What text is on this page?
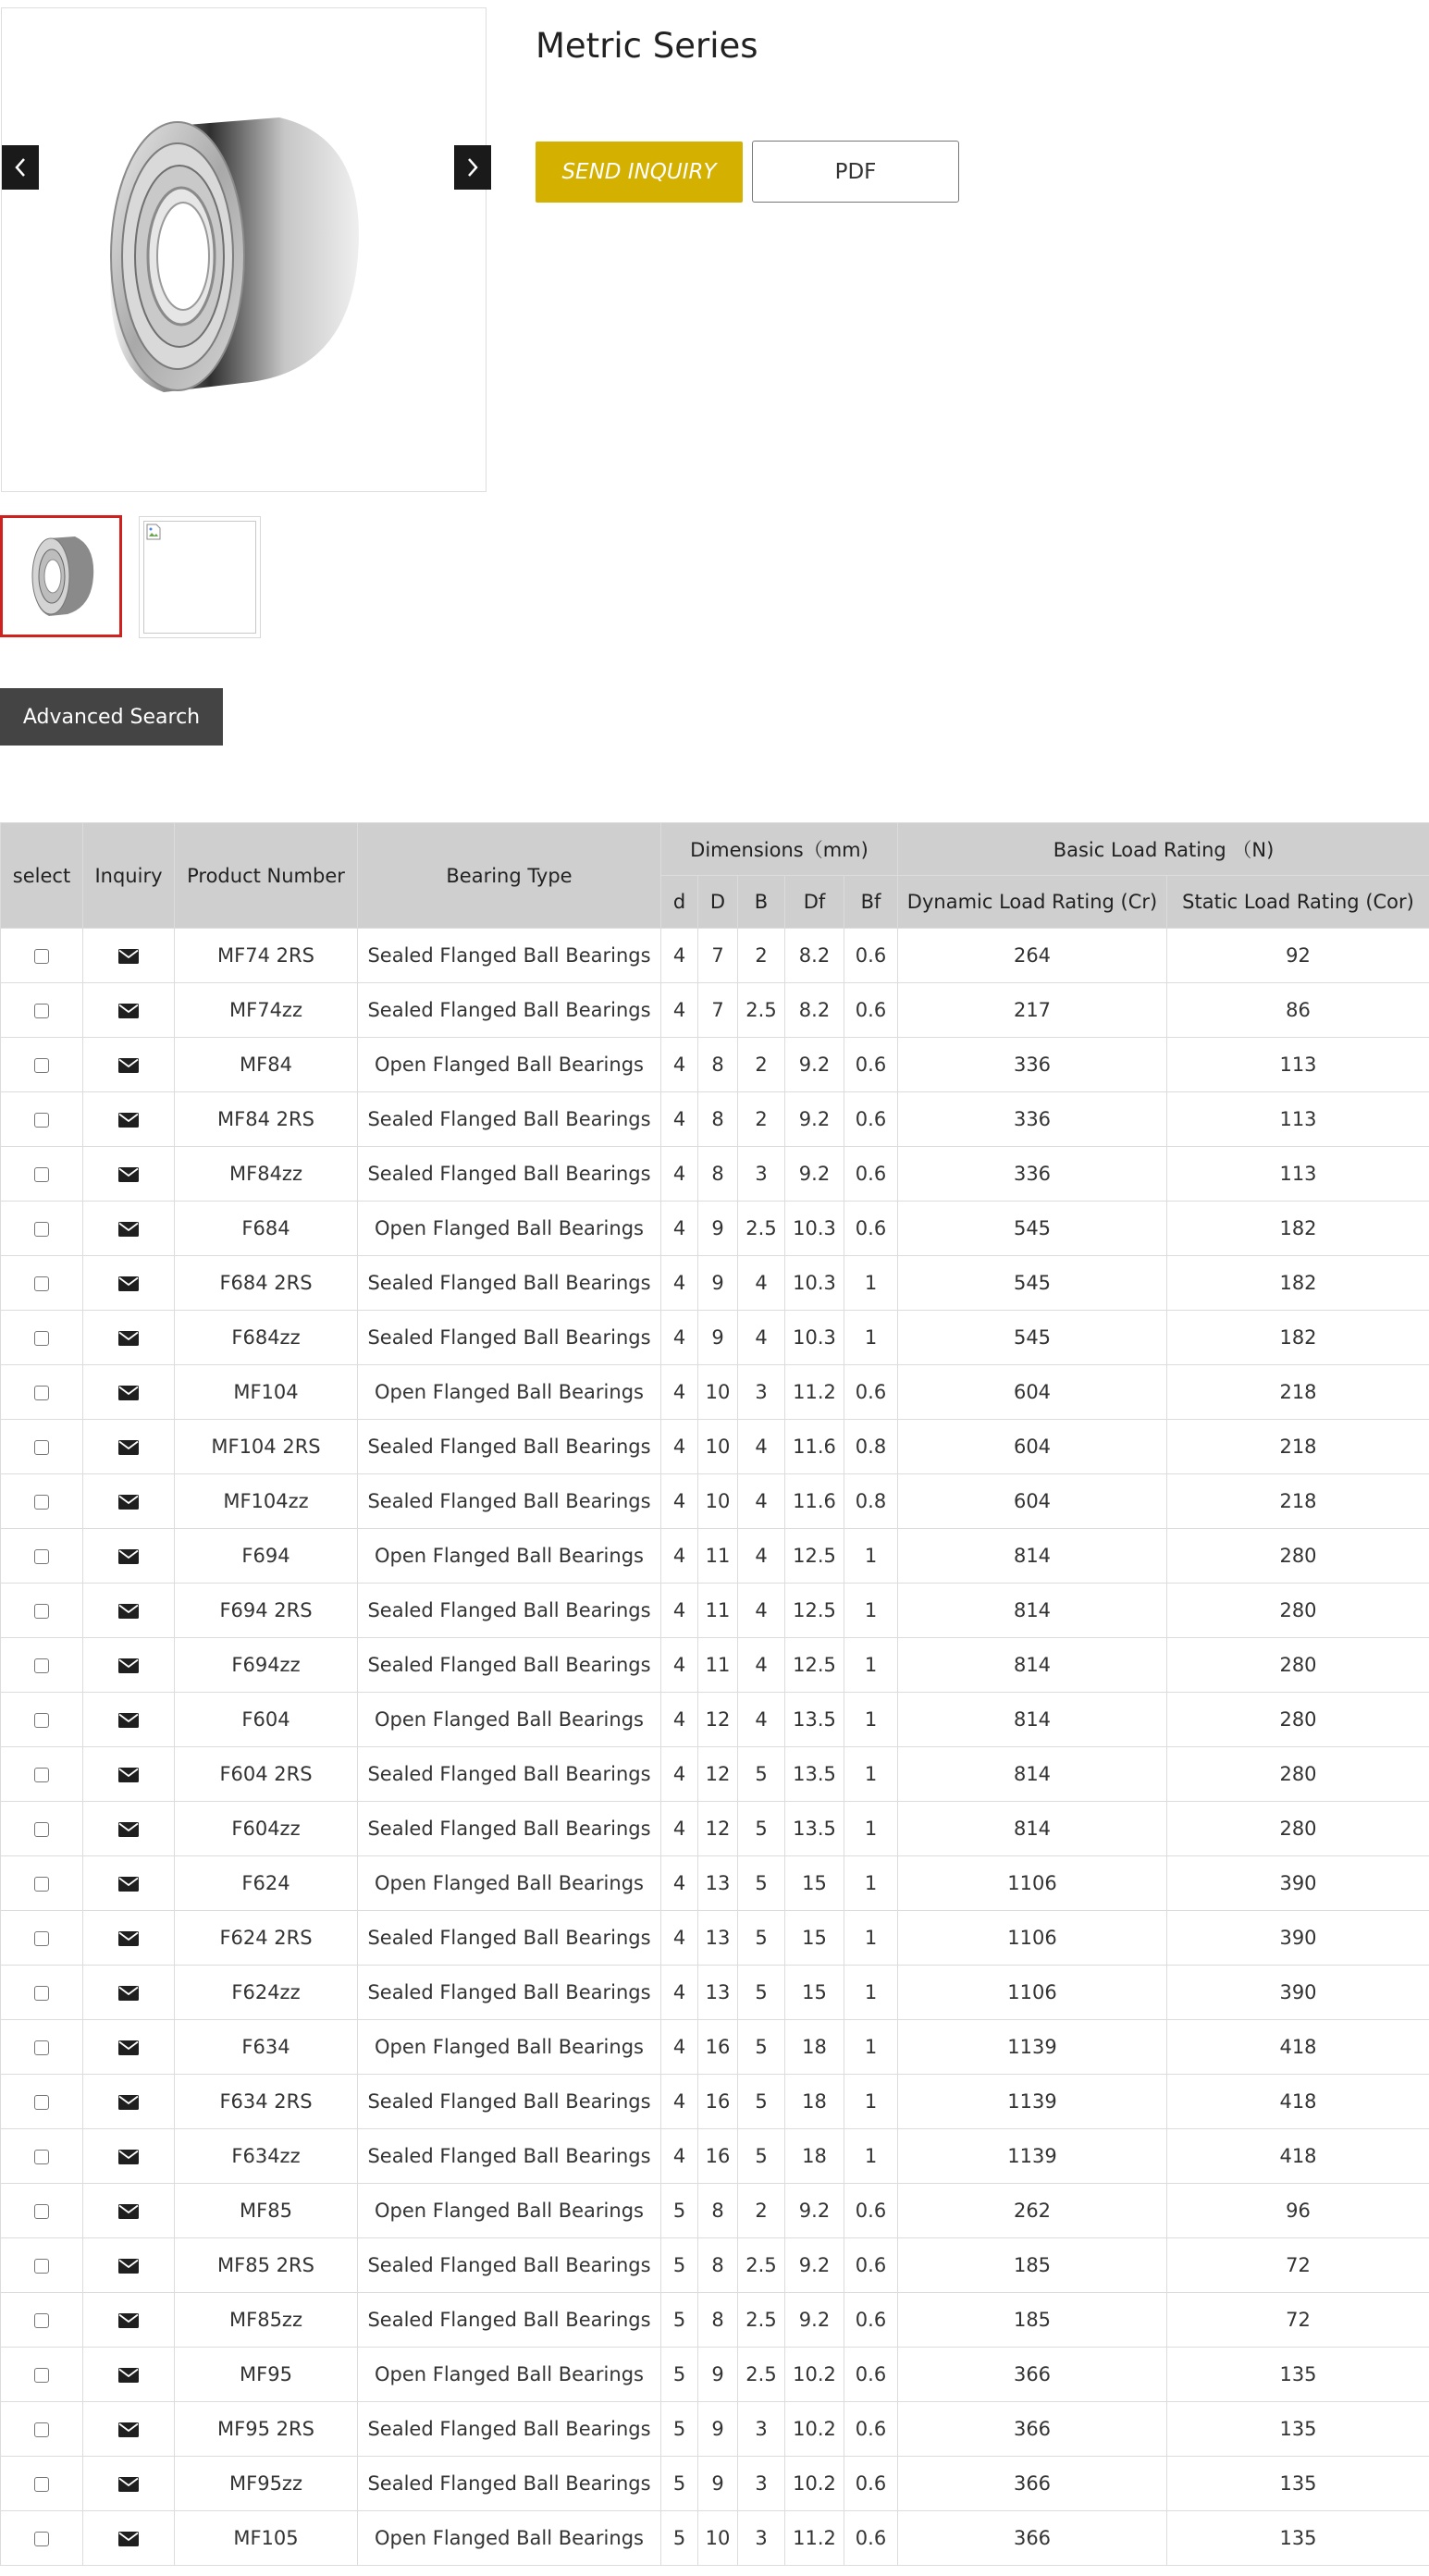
Metric Series
SEND INQUIRY	PDF
Advanced Search
select	Inquiry	Product Number	Bearing Type	Dimensions（mm)					Basic Load Rating （N)	
				d	D	B	Df	Bf	Dynamic Load Rating (Cr)	Static Load Rating (Cor)
		MF74 2RS	Sealed Flanged Ball Bearings	4	7	2	8.2	0.6	264	92
		MF74zz	Sealed Flanged Ball Bearings	4	7	2.5	8.2	0.6	217	86
		MF84	Open Flanged Ball Bearings	4	8	2	9.2	0.6	336	113
		MF84 2RS	Sealed Flanged Ball Bearings	4	8	2	9.2	0.6	336	113
		MF84zz	Sealed Flanged Ball Bearings	4	8	3	9.2	0.6	336	113
		F684	Open Flanged Ball Bearings	4	9	2.5	10.3	0.6	545	182
		F684 2RS	Sealed Flanged Ball Bearings	4	9	4	10.3	1	545	182
		F684zz	Sealed Flanged Ball Bearings	4	9	4	10.3	1	545	182
		MF104	Open Flanged Ball Bearings	4	10	3	11.2	0.6	604	218
		MF104 2RS	Sealed Flanged Ball Bearings	4	10	4	11.6	0.8	604	218
		MF104zz	Sealed Flanged Ball Bearings	4	10	4	11.6	0.8	604	218
		F694	Open Flanged Ball Bearings	4	11	4	12.5	1	814	280
		F694 2RS	Sealed Flanged Ball Bearings	4	11	4	12.5	1	814	280
		F694zz	Sealed Flanged Ball Bearings	4	11	4	12.5	1	814	280
		F604	Open Flanged Ball Bearings	4	12	4	13.5	1	814	280
		F604 2RS	Sealed Flanged Ball Bearings	4	12	5	13.5	1	814	280
		F604zz	Sealed Flanged Ball Bearings	4	12	5	13.5	1	814	280
		F624	Open Flanged Ball Bearings	4	13	5	15	1	1106	390
		F624 2RS	Sealed Flanged Ball Bearings	4	13	5	15	1	1106	390
		F624zz	Sealed Flanged Ball Bearings	4	13	5	15	1	1106	390
		F634	Open Flanged Ball Bearings	4	16	5	18	1	1139	418
		F634 2RS	Sealed Flanged Ball Bearings	4	16	5	18	1	1139	418
		F634zz	Sealed Flanged Ball Bearings	4	16	5	18	1	1139	418
		MF85	Open Flanged Ball Bearings	5	8	2	9.2	0.6	262	96
		MF85 2RS	Sealed Flanged Ball Bearings	5	8	2.5	9.2	0.6	185	72
		MF85zz	Sealed Flanged Ball Bearings	5	8	2.5	9.2	0.6	185	72
		MF95	Open Flanged Ball Bearings	5	9	2.5	10.2	0.6	366	135
		MF95 2RS	Sealed Flanged Ball Bearings	5	9	3	10.2	0.6	366	135
		MF95zz	Sealed Flanged Ball Bearings	5	9	3	10.2	0.6	366	135
		MF105	Open Flanged Ball Bearings	5	10	3	11.2	0.6	366	135
